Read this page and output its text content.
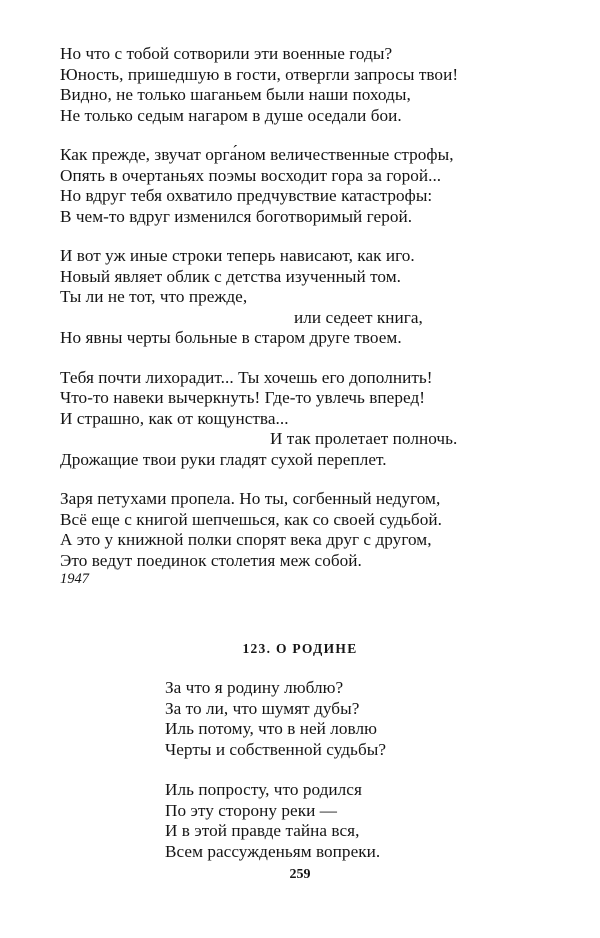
Но что с тобой сотворили эти военные годы?
Юность, пришедшую в гости, отвергли запросы твои!
Видно, не только шаганьем были наши походы,
Не только седым нагаром в душе оседали бои.
Как прежде, звучат орга́ном величественные строфы,
Опять в очертаньях поэмы восходит гора за горой...
Но вдруг тебя охватило предчувствие катастрофы:
В чем-то вдруг изменился боготворимый герой.
И вот уж иные строки теперь нависают, как иго.
Новый являет облик с детства изученный том.
Ты ли не тот, что прежде,
или седеет книга,
Но явны черты больные в старом друге твоем.
Тебя почти лихорадит... Ты хочешь его дополнить!
Что-то навеки вычеркнуть! Где-то увлечь вперед!
И страшно, как от кощунства...
И так пролетает полночь.
Дрожащие твои руки гладят сухой переплет.
Заря петухами пропела. Но ты, согбенный недугом,
Всё еще с книгой шепчешься, как со своей судьбой.
А это у книжной полки спорят века друг с другом,
Это ведут поединок столетия меж собой.
1947
123. О РОДИНЕ
За что я родину люблю?
За то ли, что шумят дубы?
Иль потому, что в ней ловлю
Черты и собственной судьбы?
Иль попросту, что родился
По эту сторону реки —
И в этой правде тайна вся,
Всем рассужденьям вопреки.
259
